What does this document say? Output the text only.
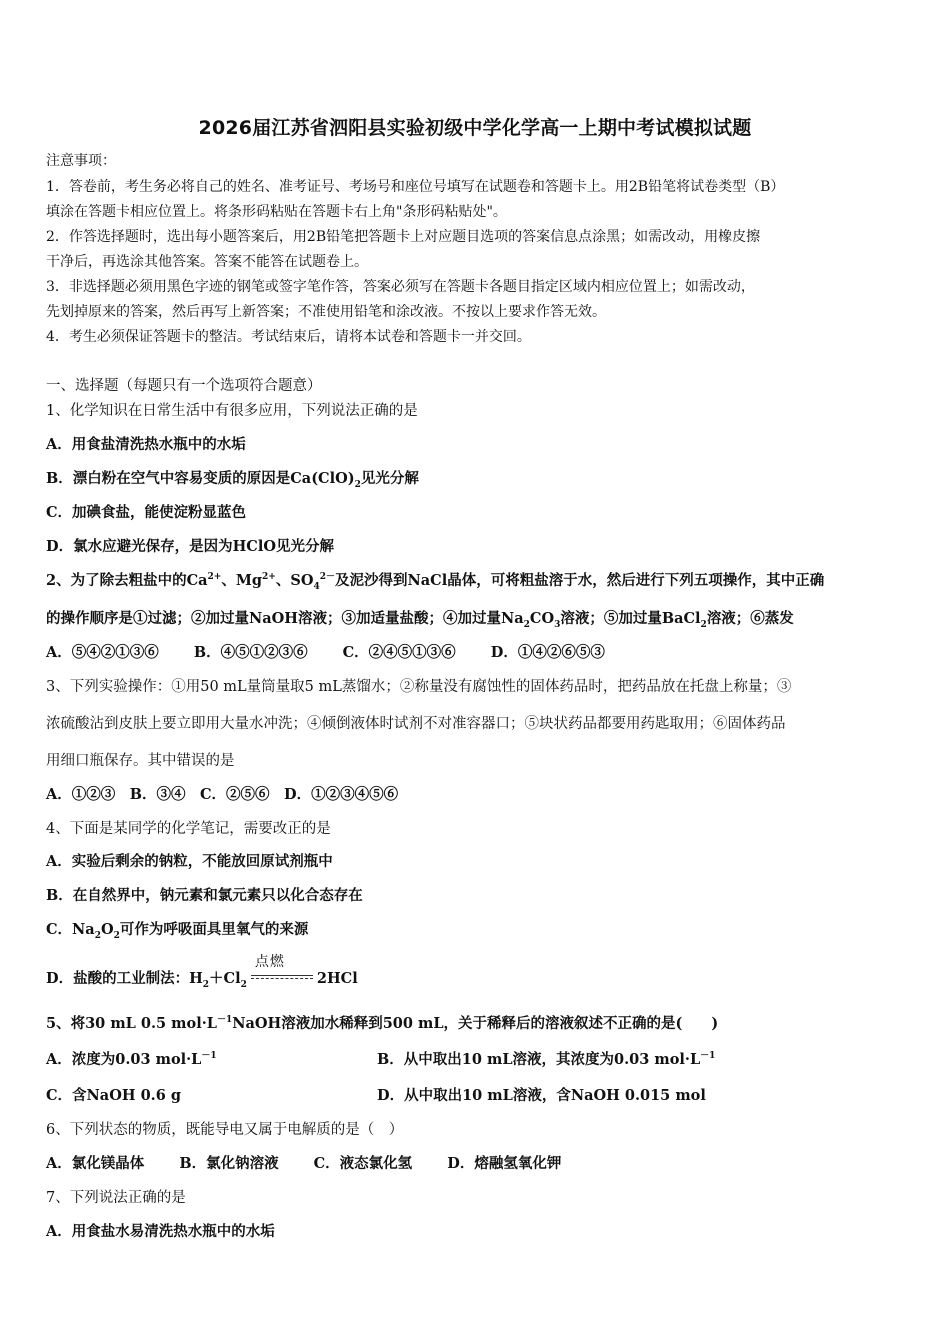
2026届江苏省泗阳县实验初级中学化学高一上期中考试模拟试题
注意事项：
1．答卷前，考生务必将自己的姓名、准考证号、考场号和座位号填写在试题卷和答题卡上。用2B铅笔将试卷类型（B）
填涂在答题卡相应位置上。将条形码粘贴在答题卡右上角"条形码粘贴处"。
2．作答选择题时，选出每小题答案后，用2B铅笔把答题卡上对应题目选项的答案信息点涂黑；如需改动，用橡皮擦
干净后，再选涂其他答案。答案不能答在试题卷上。
3．非选择题必须用黑色字迹的钢笔或签字笔作答，答案必须写在答题卡各题目指定区域内相应位置上；如需改动，
先划掉原来的答案，然后再写上新答案；不准使用铅笔和涂改液。不按以上要求作答无效。
4．考生必须保证答题卡的整洁。考试结束后，请将本试卷和答题卡一并交回。
一、选择题（每题只有一个选项符合题意）
1、化学知识在日常生活中有很多应用，下列说法正确的是
A．用食盐清洗热水瓶中的水垢
B．漂白粉在空气中容易变质的原因是$Ca(ClO)_2$见光分解
C．加碘食盐，能使淀粉显蓝色
D．氯水应避光保存，是因为HClO见光分解
2、为了除去粗盐中的$Ca^{2+}$、$Mg^{2+}$、$SO_4^{2-}$及泥沙得到NaCl晶体，可将粗盐溶于水，然后进行下列五项操作，其中正确
的操作顺序是①过滤；②加过量NaOH溶液；③加适量盐酸；④加过量$Na_2CO_3$溶液；⑤加过量BaCl$_2$溶液；⑥蒸发
A．⑤④②①③⑥ B．④⑤①②③⑥ C．②④⑤①③⑥ D．①④②⑥⑤③
3、下列实验操作：①用50 mL量筒量取5 mL蒸馏水；②称量没有腐蚀性的固体药品时，把药品放在托盘上称量；③
浓硫酸沾到皮肤上要立即用大量水冲洗；④倾倒液体时试剂不对准容器口；⑤块状药品都要用药匙取用；⑥固体药品
用细口瓶保存。其中错误的是
A．①②③　B．③④　C．②⑤⑥　D．①②③④⑤⑥
4、下面是某同学的化学笔记，需要改正的是
A．实验后剩余的钠粒，不能放回原试剂瓶中
B．在自然界中，钠元素和氯元素只以化合态存在
C．$Na_2O_2$可作为呼吸面具里氧气的来源
D．盐酸的工业制法：$H_2+Cl_2$
点燃
2HCl
5、将30 mL 0.5 $mol\cdot L^{-1}NaOH$溶液加水稀释到500 mL，关于稀释后的溶液叙述不正确的是(　　)
A．浓度为0.03 $mol\cdot L^{-1}$	B．从中取出10 mL溶液，其浓度为0.03 $mol\cdot L^{-1}$
C．含NaOH 0.6 g	D．从中取出10 mL溶液，含NaOH 0.015 mol
6、下列状态的物质，既能导电又属于电解质的是（　）
A．氯化镁晶体 B．氯化钠溶液 C．液态氯化氢 D．熔融氢氧化钾
7、下列说法正确的是
A．用食盐水易清洗热水瓶中的水垢
